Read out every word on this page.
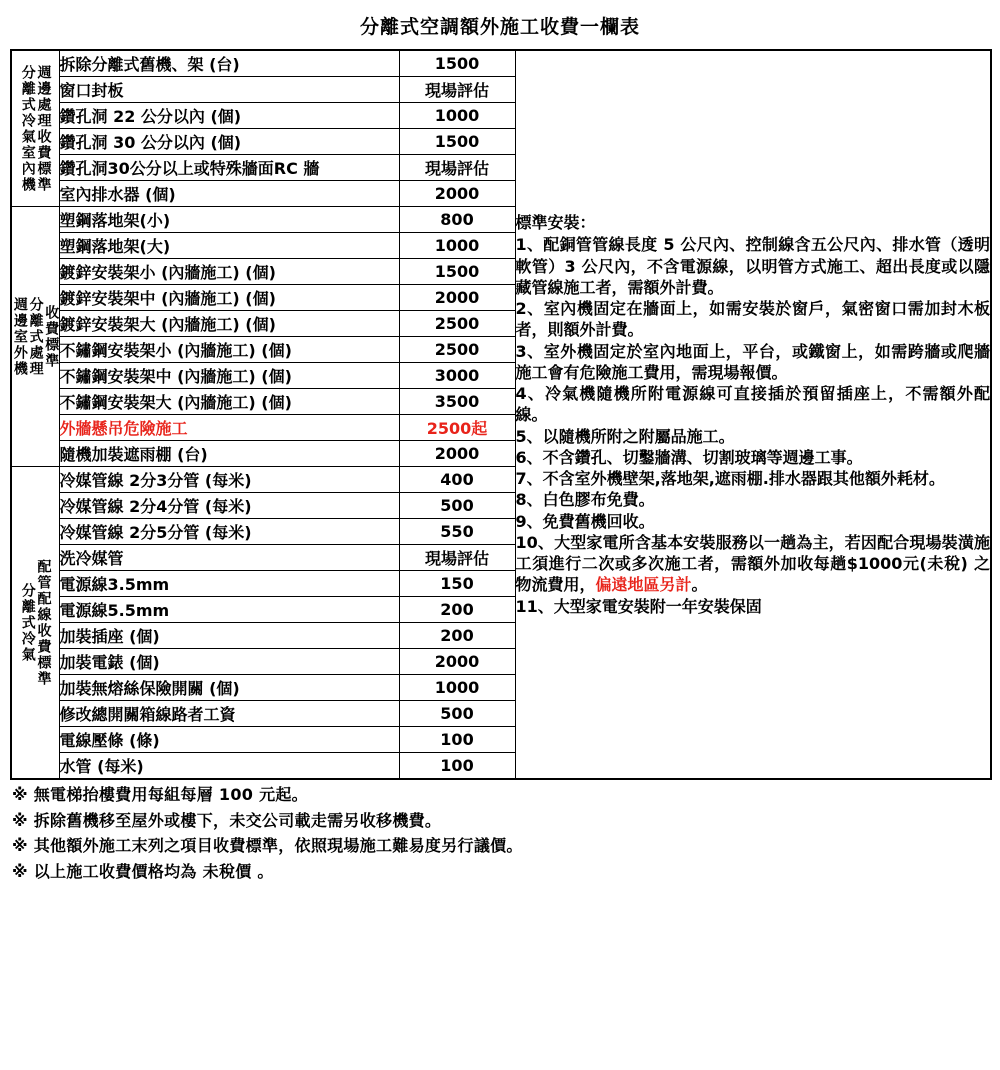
分離式空調額外施工收費一欄表
週邊處理收費標準
分離式冷氣室內機	拆除分離式舊機、架 (台)	1500	
標準安裝：
1、配銅管管線長度 5 公尺內、控制線含五公尺內、排水管（透明軟管）3 公尺內，不含電源線，以明管方式施工、超出長度或以隱藏管線施工者，需額外計費。
2、室內機固定在牆面上，如需安裝於窗戶，氣密窗口需加封木板者，則額外計費。
3、室外機固定於室內地面上，平台，或鐵窗上，如需跨牆或爬牆施工會有危險施工費用，需現場報價。
4、冷氣機隨機所附電源線可直接插於預留插座上，不需額外配線。
5、以隨機所附之附屬品施工。
6、不含鑽孔、切鑿牆溝、切割玻璃等週邊工事。
7、不含室外機壁架,落地架,遮雨棚.排水器跟其他額外耗材。
8、白色膠布免費。
9、免費舊機回收。
10、大型家電所含基本安裝服務以一趟為主，若因配合現場裝潢施工須進行二次或多次施工者，需額外加收每趟$1000元(未稅) 之物流費用，偏遠地區另計。
11、大型家電安裝附一年安裝保固

	窗口封板	現場評估	
	鑽孔洞 22 公分以內 (個)	1000	
	鑽孔洞 30 公分以內 (個)	1500	
	鑽孔洞30公分以上或特殊牆面RC 牆	現場評估	
	室內排水器 (個)	2000	

收費標準
分離式處理
週邊室外機	塑鋼落地架(小)	800	
	塑鋼落地架(大)	1000	
	鍍鋅安裝架小 (內牆施工) (個)	1500	
	鍍鋅安裝架中 (內牆施工) (個)	2000	
	鍍鋅安裝架大 (內牆施工) (個)	2500	
	不鏽鋼安裝架小 (內牆施工) (個)	2500	
	不鏽鋼安裝架中 (內牆施工) (個)	3000	
	不鏽鋼安裝架大 (內牆施工) (個)	3500	
	外牆懸吊危險施工	2500起	
	隨機加裝遮雨棚 (台)	2000	

配管配線收費標準
分離式冷氣	冷媒管線 2分3分管 (每米)	400	
	冷媒管線 2分4分管 (每米)	500	
	冷媒管線 2分5分管 (每米)	550	
	洗冷媒管	現場評估	
	電源線3.5mm	150	
	電源線5.5mm	200	
	加裝插座 (個)	200	
	加裝電錶 (個)	2000	
	加裝無熔絲保險開關 (個)	1000	
	修改總開關箱線路者工資	500	
	電線壓條 (條)	100	
	水管 (每米)	100	

※ 無電梯抬樓費用每組每層 100 元起。

※ 拆除舊機移至屋外或樓下，未交公司載走需另收移機費。

※ 其他額外施工末列之項目收費標準，依照現場施工難易度另行議價。

※ 以上施工收費價格均為 未稅價 。
